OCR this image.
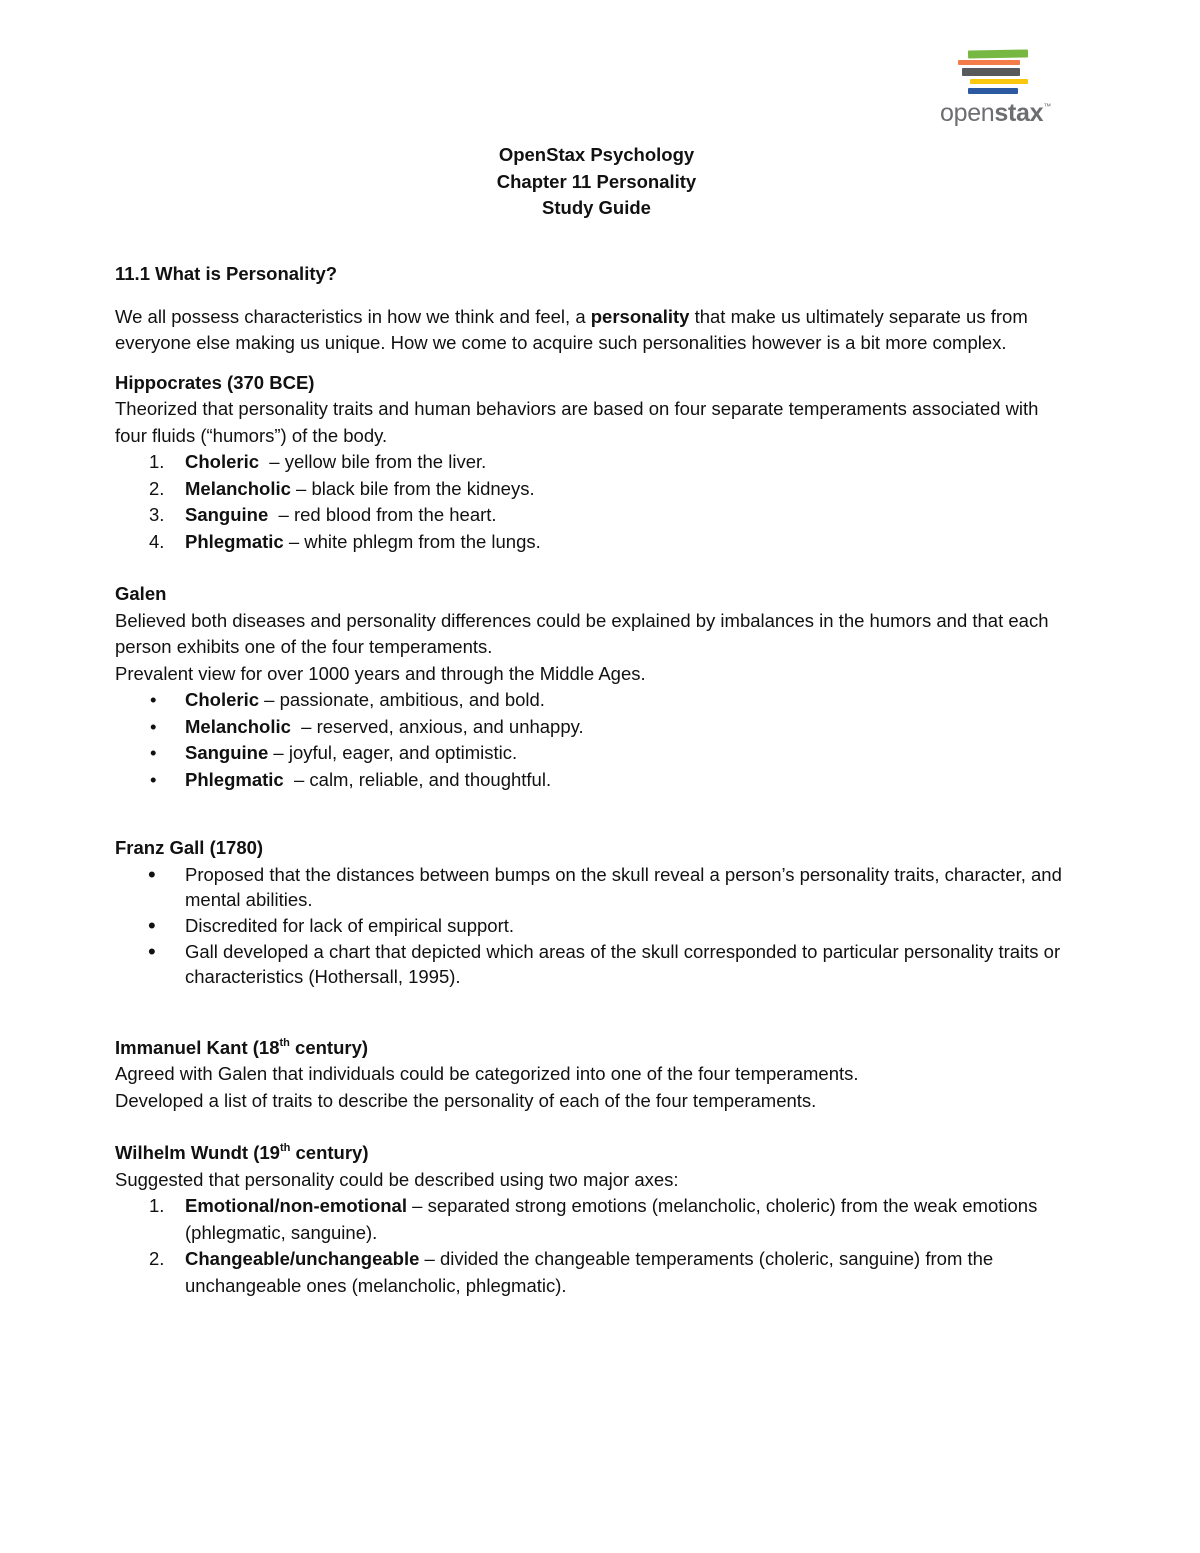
openstax™
OpenStax Psychology
Chapter 11 Personality
Study Guide
11.1 What is Personality?

We all possess characteristics in how we think and feel, a personality that make us ultimately separate us from everyone else making us unique. How we come to acquire such personalities however is a bit more complex.

Hippocrates (370 BCE)

Theorized that personality traits and human behaviors are based on four separate temperaments associated with four fluids (“humors”) of the body.

1. Choleric  – yellow bile from the liver.
2. Melancholic – black bile from the kidneys.
3. Sanguine  – red blood from the heart.
4. Phlegmatic – white phlegm from the lungs.
Galen

Believed both diseases and personality differences could be explained by imbalances in the humors and that each person exhibits one of the four temperaments.

Prevalent view for over 1000 years and through the Middle Ages.

• Choleric – passionate, ambitious, and bold.
• Melancholic  – reserved, anxious, and unhappy.
• Sanguine – joyful, eager, and optimistic.
• Phlegmatic  – calm, reliable, and thoughtful.
Franz Gall (1780)
• Proposed that the distances between bumps on the skull reveal a person’s personality traits, character, and mental abilities.
• Discredited for lack of empirical support.
• Gall developed a chart that depicted which areas of the skull corresponded to particular personality traits or characteristics (Hothersall, 1995).
Immanuel Kant (18th century)

Agreed with Galen that individuals could be categorized into one of the four temperaments.

Developed a list of traits to describe the personality of each of the four temperaments.

Wilhelm Wundt (19th century)

Suggested that personality could be described using two major axes:

1. Emotional/non-emotional – separated strong emotions (melancholic, choleric) from the weak emotions (phlegmatic, sanguine).
2. Changeable/unchangeable – divided the changeable temperaments (choleric, sanguine) from the unchangeable ones (melancholic, phlegmatic).
